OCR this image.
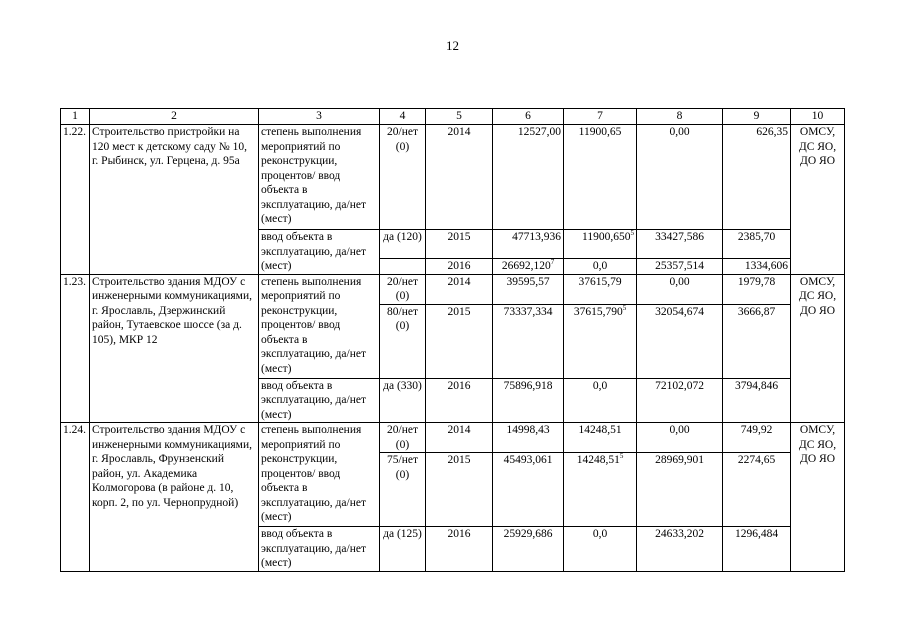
12
1	2	3	4	5	6	7	8	9	10
1.22.	Строительство пристройки на 120 мест к детскому саду № 10, г. Рыбинск, ул. Герцена, д. 95а	степень выполнения мероприятий по реконструкции, процентов/ ввод объекта в эксплуатацию, да/нет (мест)	20/нет (0)	2014	12527,00	11900,65	0,00	626,35	ОМСУ, ДС ЯО, ДО ЯО
		ввод объекта в эксплуатацию, да/нет (мест)	да (120)	2015	47713,936	11900,650$^5$	33427,586	2385,70	
				2016	26692,120$^7$	0,0	25357,514	1334,606	
1.23.	Строительство здания МДОУ с инженерными коммуникациями, г. Ярославль, Дзержинский район, Тутаевское шоссе (за д. 105), МКР 12	степень выполнения мероприятий по реконструкции, процентов/ ввод объекта в эксплуатацию, да/нет (мест)	20/нет (0)	2014	39595,57	37615,79	0,00	1979,78	ОМСУ, ДС ЯО, ДО ЯО
			80/нет (0)	2015	73337,334	37615,790$^5$	32054,674	3666,87	
		ввод объекта в эксплуатацию, да/нет (мест)	да (330)	2016	75896,918	0,0	72102,072	3794,846	
1.24.	Строительство здания МДОУ с инженерными коммуникациями, г. Ярославль, Фрунзенский район, ул. Академика Колмогорова (в районе д. 10, корп. 2, по ул. Чернопрудной)	степень выполнения мероприятий по реконструкции, процентов/ ввод объекта в эксплуатацию, да/нет (мест)	20/нет (0)	2014	14998,43	14248,51	0,00	749,92	ОМСУ, ДС ЯО, ДО ЯО
			75/нет (0)	2015	45493,061	14248,51$^5$	28969,901	2274,65	
		ввод объекта в эксплуатацию, да/нет (мест)	да (125)	2016	25929,686	0,0	24633,202	1296,484	
